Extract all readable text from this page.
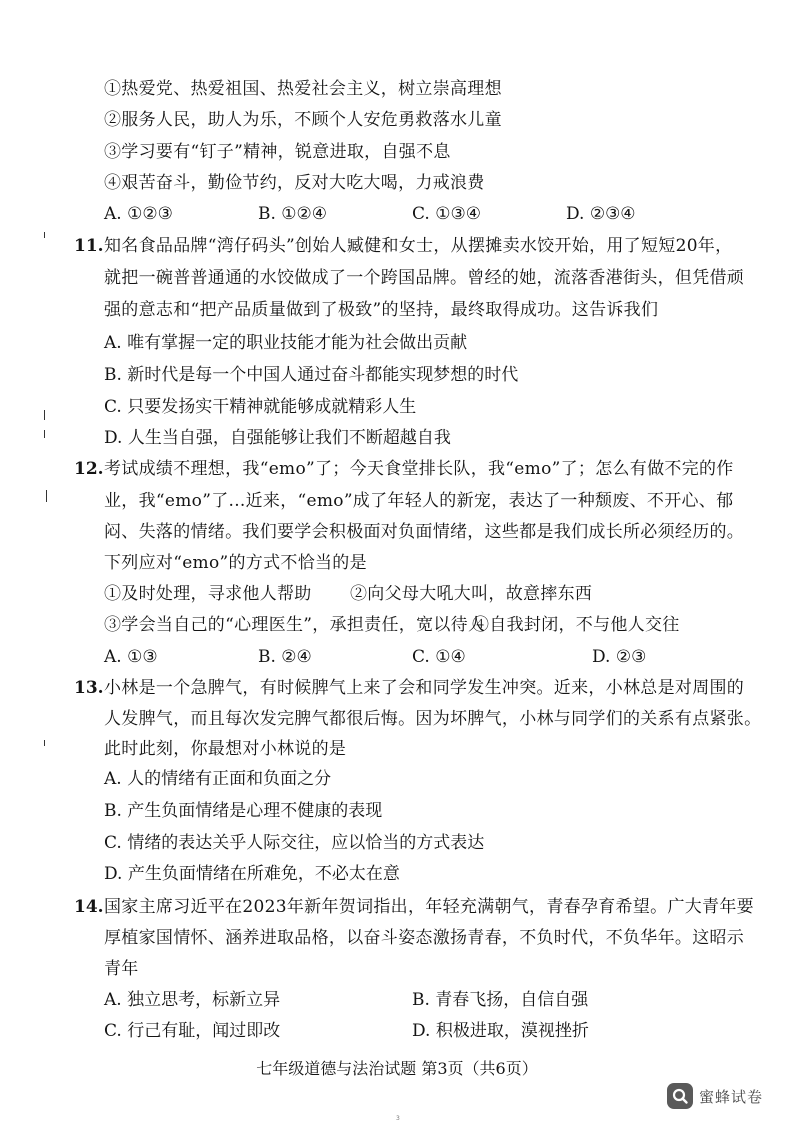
①热爱党、热爱祖国、热爱社会主义，树立崇高理想
②服务人民，助人为乐，不顾个人安危勇救落水儿童
③学习要有“钉子”精神，锐意进取，自强不息
④艰苦奋斗，勤俭节约，反对大吃大喝，力戒浪费
A. ①②③	B. ①②④	C. ①③④	D. ②③④
11. 知名食品品牌“湾仔码头”创始人臧健和女士，从摆摊卖水饺开始，用了短短20年，
就把一碗普普通通的水饺做成了一个跨国品牌。曾经的她，流落香港街头，但凭借顽
强的意志和“把产品质量做到了极致”的坚持，最终取得成功。这告诉我们
A. 唯有掌握一定的职业技能才能为社会做出贡献
B. 新时代是每一个中国人通过奋斗都能实现梦想的时代
C. 只要发扬实干精神就能够成就精彩人生
D. 人生当自强，自强能够让我们不断超越自我
12. 考试成绩不理想，我“emo”了；今天食堂排长队，我“emo”了；怎么有做不完的作
业，我“emo”了...近来，“emo”成了年轻人的新宠，表达了一种颓废、不开心、郁
闷、失落的情绪。我们要学会积极面对负面情绪，这些都是我们成长所必须经历的。
下列应对“emo”的方式不恰当的是
①及时处理，寻求他人帮助 ②向父母大吼大叫，故意摔东西
③学会当自己的“心理医生”，承担责任，宽以待人
④自我封闭，不与他人交往
A. ①③	B. ②④	C. ①④	D. ②③
13. 小林是一个急脾气，有时候脾气上来了会和同学发生冲突。近来，小林总是对周围的
人发脾气，而且每次发完脾气都很后悔。因为坏脾气，小林与同学们的关系有点紧张。
此时此刻，你最想对小林说的是
A. 人的情绪有正面和负面之分
B. 产生负面情绪是心理不健康的表现
C. 情绪的表达关乎人际交往，应以恰当的方式表达
D. 产生负面情绪在所难免，不必太在意
14. 国家主席习近平在2023年新年贺词指出，年轻充满朝气，青春孕育希望。广大青年要
厚植家国情怀、涵养进取品格，以奋斗姿态激扬青春，不负时代，不负华年。这昭示
青年
A. 独立思考，标新立异	B. 青春飞扬，自信自强
C. 行己有耻，闻过即改	D. 积极进取，漠视挫折
七年级道德与法治试题 第3页（共6页）
蜜蜂试卷
3
